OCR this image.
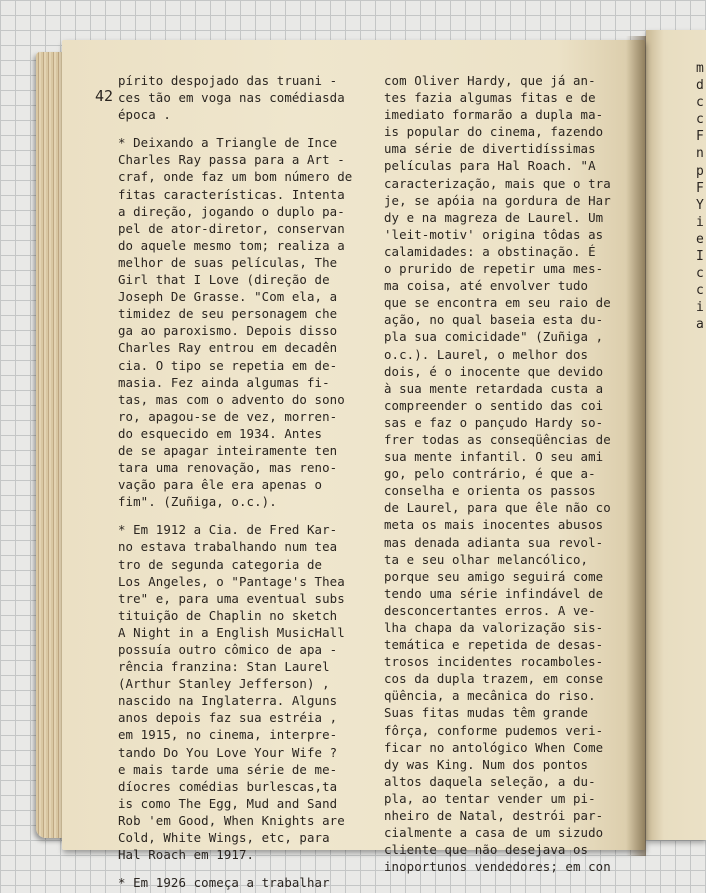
42
pírito despojado das truani -
ces tão em voga nas comédiasda
época .
* Deixando a Triangle de Ince
Charles Ray passa para a Art -
craf, onde faz um bom número de
fitas características. Intenta
a direção, jogando o duplo pa-
pel de ator-diretor, conservan
do aquele mesmo tom; realiza a
melhor de suas películas, The
Girl that I Love (direção de
Joseph De Grasse. "Com ela, a
timidez de seu personagem che
ga ao paroxismo. Depois disso
Charles Ray entrou em decadên
cia. O tipo se repetia em de-
masia. Fez ainda algumas fi-
tas, mas com o advento do sono
ro, apagou-se de vez, morren-
do esquecido em 1934. Antes
de se apagar inteiramente ten
tara uma renovação, mas reno-
vação para êle era apenas o
fim". (Zuñiga, o.c.).
* Em 1912 a Cia. de Fred Kar-
no estava trabalhando num tea
tro de segunda categoria de
Los Angeles, o "Pantage's Thea
tre" e, para uma eventual subs
tituição de Chaplin no sketch
A Night in a English MusicHall
possuía outro cômico de apa -
rência franzina: Stan Laurel
(Arthur Stanley Jefferson) ,
nascido na Inglaterra. Alguns
anos depois faz sua estréia ,
em 1915, no cinema, interpre-
tando Do You Love Your Wife ?
e mais tarde uma série de me-
díocres comédias burlescas,ta
is como The Egg, Mud and Sand
Rob 'em Good, When Knights are
Cold, White Wings, etc, para
Hal Roach em 1917.
* Em 1926 começa a trabalhar
com Oliver Hardy, que já an-
tes fazia algumas fitas e de
imediato formarão a dupla ma-
is popular do cinema, fazendo
uma série de divertidíssimas
películas para Hal Roach. "A
caracterização, mais que o tra
je, se apóia na gordura de Har
dy e na magreza de Laurel. Um
'leit-motiv' origina tôdas as
calamidades: a obstinação. É
o prurido de repetir uma mes-
ma coisa, até envolver tudo
que se encontra em seu raio de
ação, no qual baseia esta du-
pla sua comicidade" (Zuñiga ,
o.c.). Laurel, o melhor dos
dois, é o inocente que devido
à sua mente retardada custa a
compreender o sentido das coi
sas e faz o pançudo Hardy so-
frer todas as conseqüências de
sua mente infantil. O seu ami
go, pelo contrário, é que a-
conselha e orienta os passos
de Laurel, para que êle não co
meta os mais inocentes abusos
mas denada adianta sua revol-
ta e seu olhar melancólico,
porque seu amigo seguirá come
tendo uma série infindável de
desconcertantes erros. A ve-
lha chapa da valorização sis-
temática e repetida de desas-
trosos incidentes rocamboles-
cos da dupla trazem, em conse
qüência, a mecânica do riso.
Suas fitas mudas têm grande
fôrça, conforme pudemos veri-
ficar no antológico When Come
dy was King. Num dos pontos
altos daquela seleção, a du-
pla, ao tentar vender um pi-
nheiro de Natal, destrói par-
cialmente a casa de um sizudo
cliente que não desejava os
inoportunos vendedores; em con
m
d
c
c
F
n
p
F
Y
i
e
I
c
c
i
a
